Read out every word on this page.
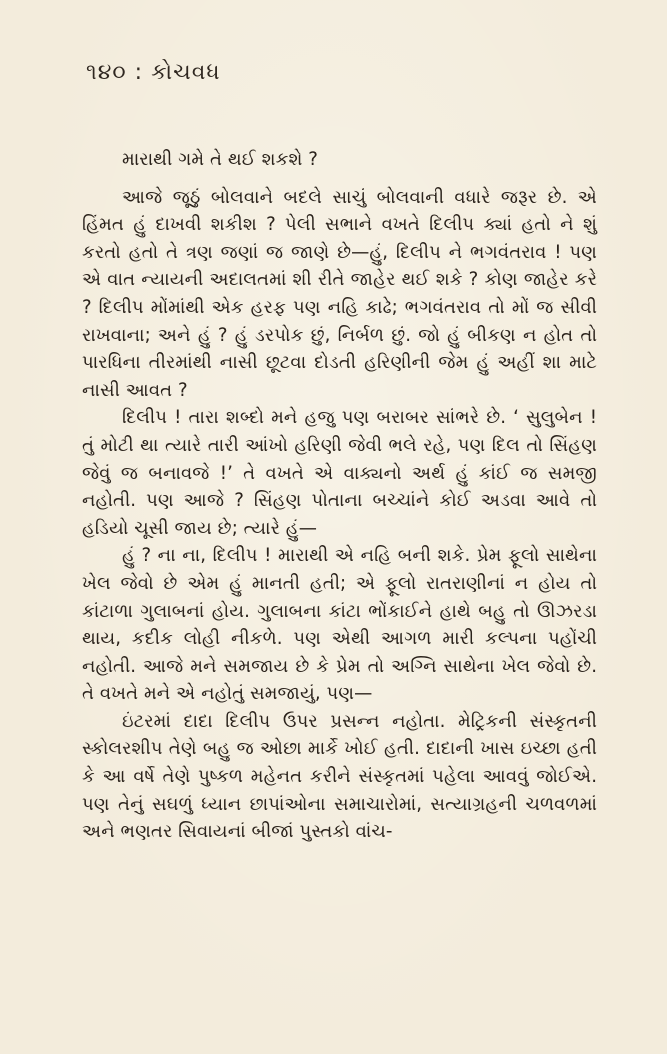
૧૪૦ : કોચવધ

મારાથી ગમે તે થઈ શકશે ?

આજે જૂઠું બોલવાને બદલે સાચું બોલવાની વધારે જરૂર છે. એ હિંમત હું દાખવી શકીશ ? પેલી સભાને વખતે દિલીપ ક્યાં હતો ને શું કરતો હતો તે ત્રણ જણાં જ જાણે છે—હું, દિલીપ ને ભગવંતરાવ ! પણ એ વાત ન્યાયની અદાલતમાં શી રીતે જાહેર થઈ શકે ? કોણ જાહેર કરે ? દિલીપ મોંમાંથી એક હરફ પણ નહિ કાઢે; ભગવંતરાવ તો મોં જ સીવી રાખવાના; અને હું ? હું ડરપોક છું, નિર્બળ છું. જો હું બીકણ ન હોત તો પારધિના તીરમાંથી નાસી છૂટવા દોડતી હરિણીની જેમ હું અહીં શા માટે નાસી આવત ?

દિલીપ ! તારા શબ્દો મને હજુ પણ બરાબર સાંભરે છે. ‘ સુલુબેન ! તું મોટી થા ત્યારે તારી આંખો હરિણી જેવી ભલે રહે, પણ દિલ તો સિંહણ જેવું જ બનાવજે !’ તે વખતે એ વાક્યનો અર્થ હું કાંઈ જ સમજી નહોતી. પણ આજે ? સિંહણ પોતાના બચ્ચાંને કોઈ અડવા આવે તો હડિયો ચૂસી જાય છે; ત્યારે હું—

હું ? ના ના, દિલીપ ! મારાથી એ નહિ બની શકે. પ્રેમ ફૂલો સાથેના ખેલ જેવો છે એમ હું માનતી હતી; એ ફૂલો રાતરાણીનાં ન હોય તો કાંટાળા ગુલાબનાં હોય. ગુલાબના કાંટા ભોંકાઈને હાથે બહુ તો ઊઝરડા થાય, કદીક લોહી નીકળે. પણ એથી આગળ મારી કલ્પના પહોંચી નહોતી. આજે મને સમજાય છે કે પ્રેમ તો અગ્નિ સાથેના ખેલ જેવો છે. તે વખતે મને એ નહોતું સમજાયું, પણ—

ઇંટરમાં દાદા દિલીપ ઉપર પ્રસન્ન નહોતા. મેટ્રિકની સંસ્કૃતની સ્કોલરશીપ તેણે બહુ જ ઓછા માર્કે ખોઈ હતી. દાદાની ખાસ ઇચ્છા હતી કે આ વર્ષે તેણે પુષ્કળ મહેનત કરીને સંસ્કૃતમાં પહેલા આવવું જોઈએ. પણ તેનું સઘળું ધ્યાન છાપાંઓના સમાચારોમાં, સત્યાગ્રહની ચળવળમાં અને ભણતર સિવાયનાં બીજાં પુસ્તકો વાંચ-
